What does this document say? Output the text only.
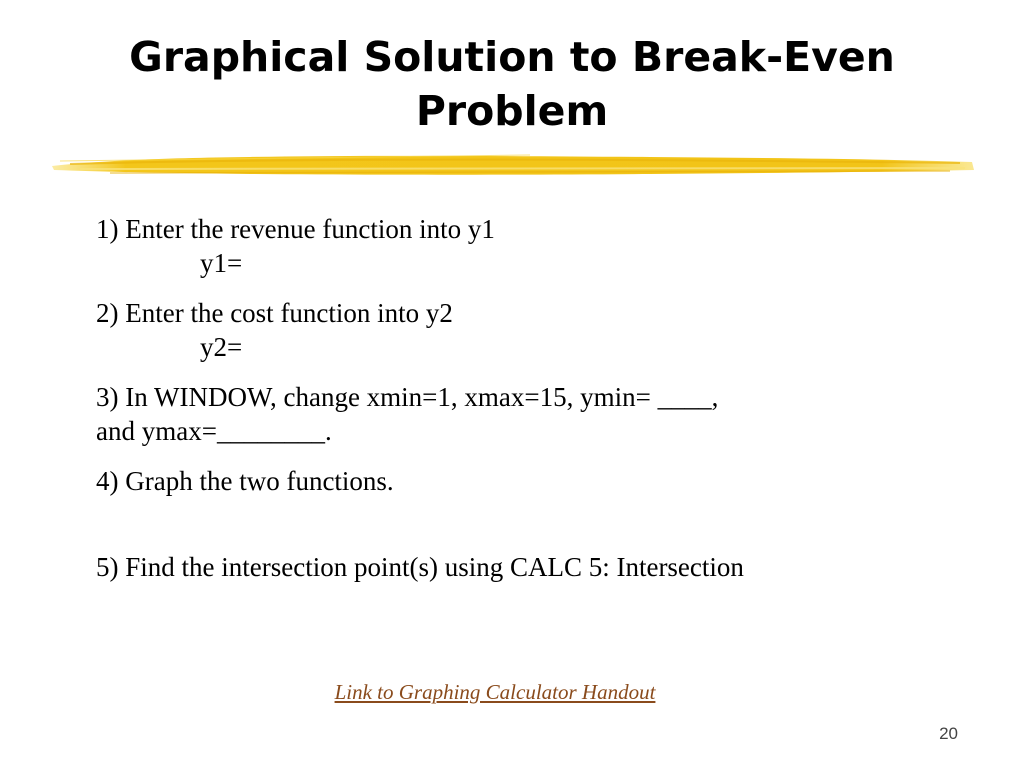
Graphical Solution to Break-Even Problem
1) Enter the revenue function into y1
y1=
2) Enter the cost function into y2
y2=
3) In WINDOW, change xmin=1, xmax=15, ymin= ____,
and ymax=________.
4) Graph the two functions.
5) Find the intersection point(s) using CALC 5: Intersection
Link to Graphing Calculator Handout
20
